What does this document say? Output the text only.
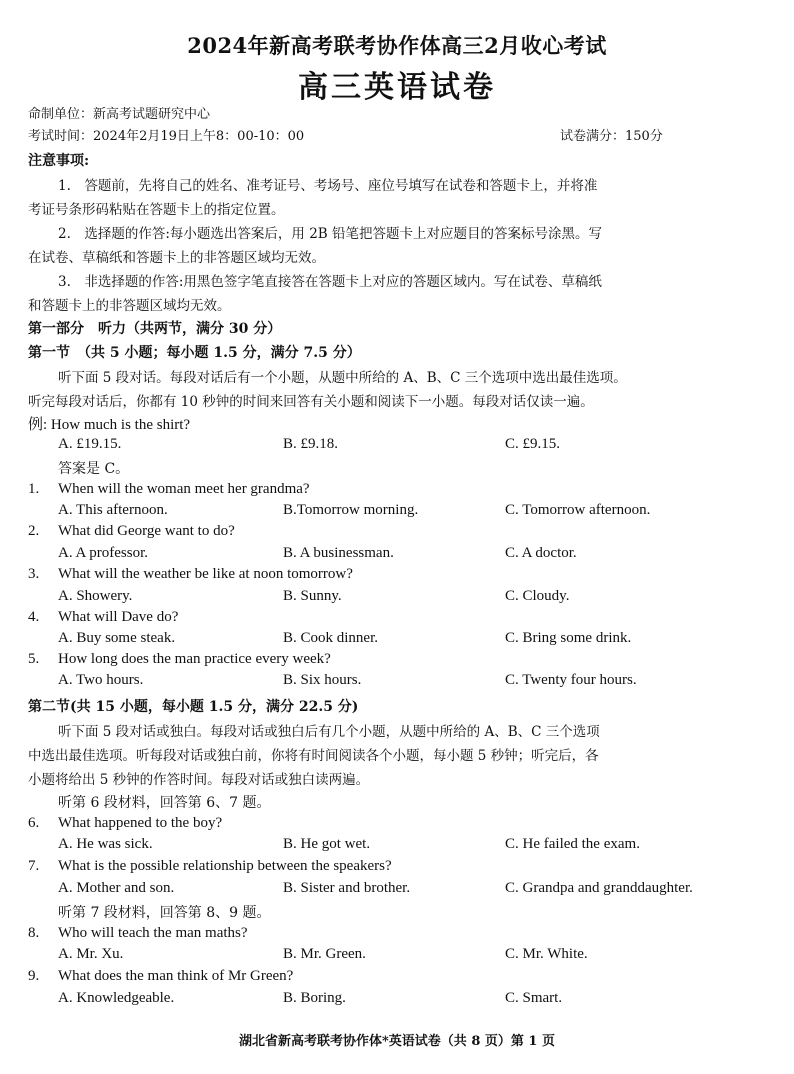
2024年新高考联考协作体高三2月收心考试
高三英语试卷
命制单位：新高考试题研究中心
考试时间：2024年2月19日上午8：00-10：00	试卷满分：150分
注意事项:
1.　答题前，先将自己的姓名、准考证号、考场号、座位号填写在试卷和答题卡上，并将准
考证号条形码粘贴在答题卡上的指定位置。
2.　选择题的作答:每小题选出答案后，用 2B 铅笔把答题卡上对应题目的答案标号涂黑。写
在试卷、草稿纸和答题卡上的非答题区域均无效。
3.　非选择题的作答:用黑色签字笔直接答在答题卡上对应的答题区域内。写在试卷、草稿纸
和答题卡上的非答题区域均无效。
第一部分　听力（共两节，满分 30 分）
第一节　（共 5 小题；每小题 1.5 分，满分 7.5 分）
听下面 5 段对话。每段对话后有一个小题，从题中所给的 A、B、C 三个选项中选出最佳选项。
听完每段对话后，你都有 10 秒钟的时间来回答有关小题和阅读下一小题。每段对话仅读一遍。
例: How much is the shirt?
A. £19.15.	B. £9.18.	C. £9.15.
答案是 C。
1. When will the woman meet her grandma?
A. This afternoon.	B.Tomorrow morning.	C. Tomorrow afternoon.
2. What did George want to do?
A. A professor.	B. A businessman.	C. A doctor.
3. What will the weather be like at noon tomorrow?
A. Showery.	B. Sunny.	C. Cloudy.
4. What will Dave do?
A. Buy some steak.	B. Cook dinner.	C. Bring some drink.
5. How long does the man practice every week?
A. Two hours.	B. Six hours.	C. Twenty four hours.
第二节(共 15 小题，每小题 1.5 分，满分 22.5 分)
听下面 5 段对话或独白。每段对话或独白后有几个小题，从题中所给的 A、B、C 三个选项
中选出最佳选项。听每段对话或独白前，你将有时间阅读各个小题，每小题 5 秒钟；听完后，各
小题将给出 5 秒钟的作答时间。每段对话或独白读两遍。
听第 6 段材料，回答第 6、7 题。
6. What happened to the boy?
A. He was sick.	B. He got wet.	C. He failed the exam.
7. What is the possible relationship between the speakers?
A. Mother and son.	B. Sister and brother.	C. Grandpa and granddaughter.
听第 7 段材料，回答第 8、9 题。
8. Who will teach the man maths?
A. Mr. Xu.	B. Mr. Green.	C. Mr. White.
9. What does the man think of Mr Green?
A. Knowledgeable.	B. Boring.	C. Smart.
湖北省新高考联考协作体*英语试卷（共 8 页）第 1 页
